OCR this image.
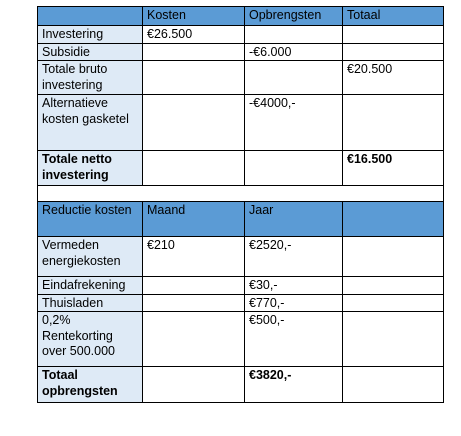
	Kosten	Opbrengsten	Totaal
Investering	€26.500		
Subsidie		-€6.000	
Totale bruto investering			€20.500
Alternatieve kosten gasketel		-€4000,-	
Totale netto investering			€16.500

Reductie kosten	Maand	Jaar	
Vermeden energiekosten	€210	€2520,-	
Eindafrekening		€30,-	
Thuisladen		€770,-	
0,2% Rentekorting over 500.000		€500,-	
Totaal opbrengsten		€3820,-	
